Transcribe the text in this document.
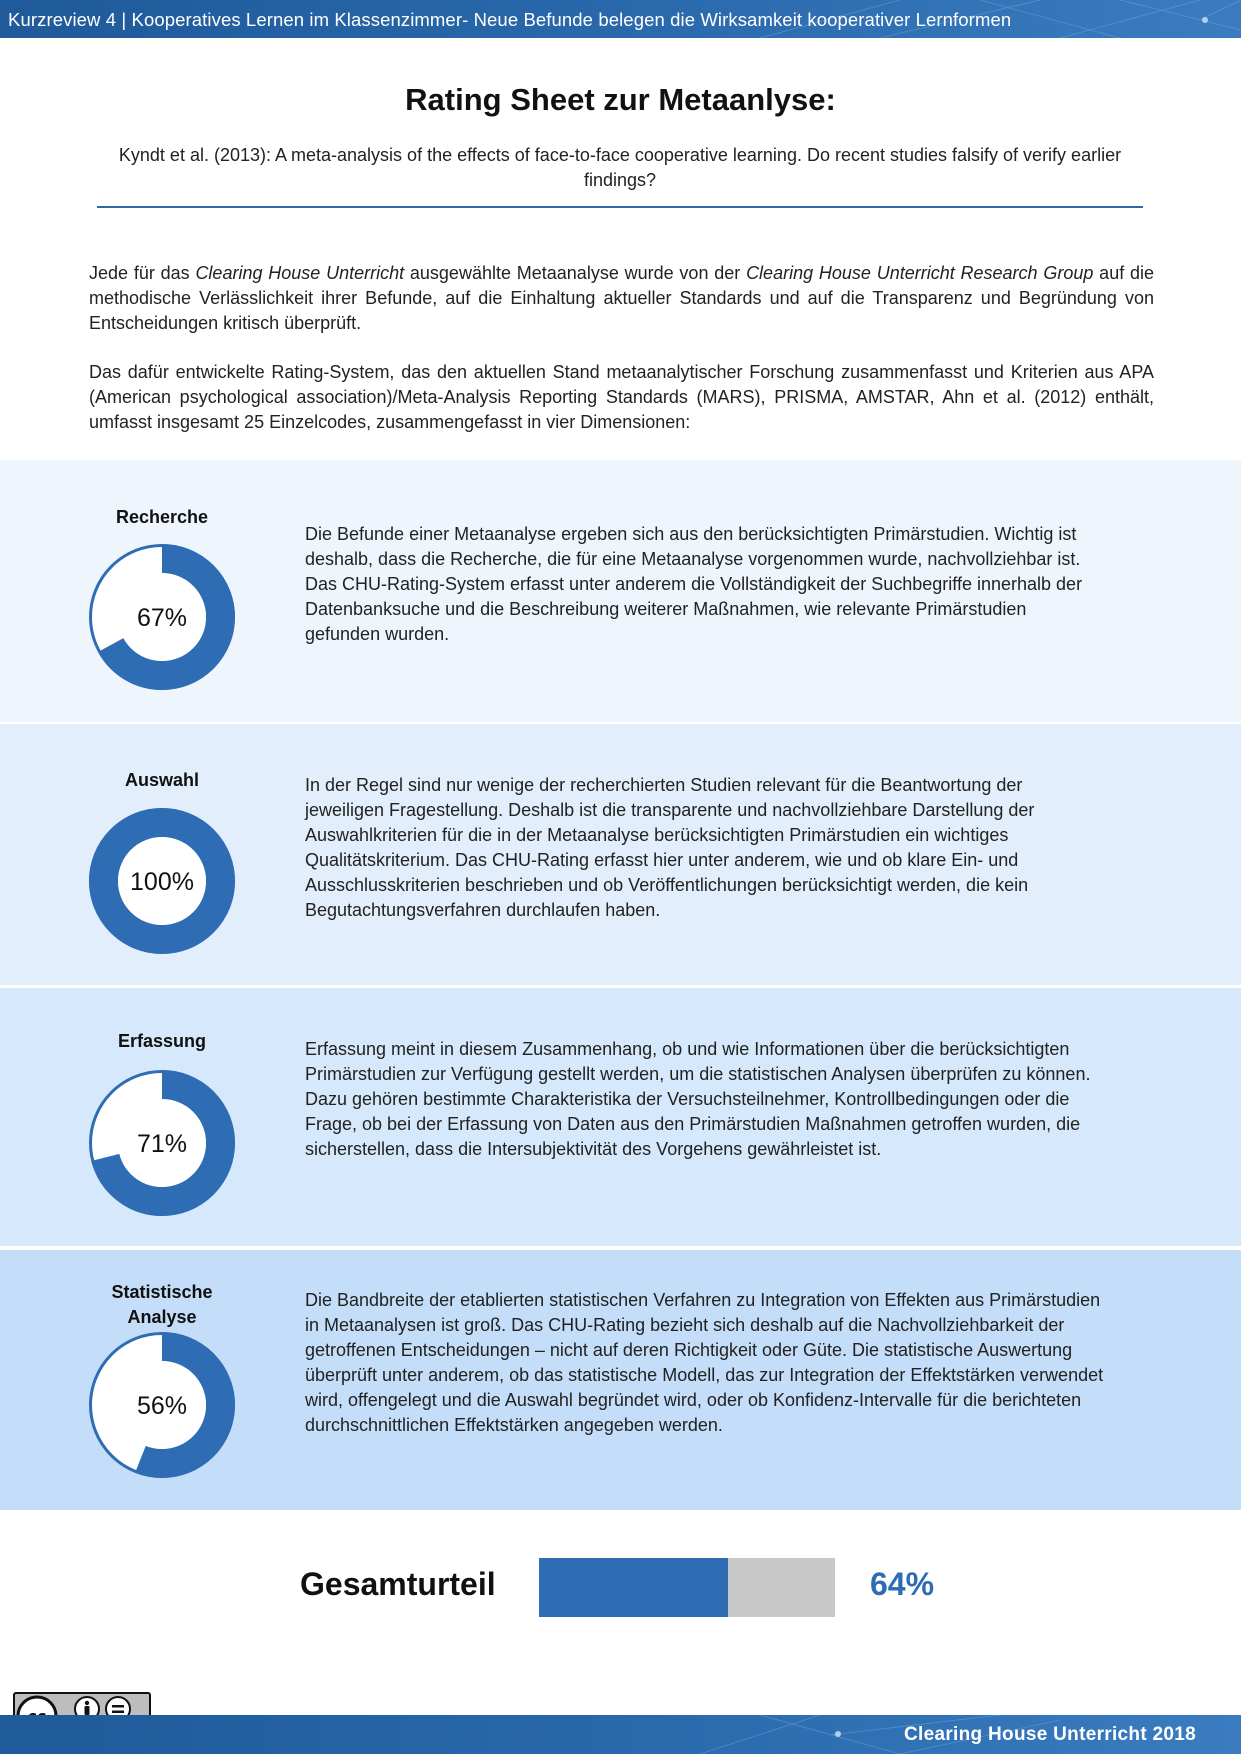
Kurzreview 4 | Kooperatives Lernen im Klassenzimmer- Neue Befunde belegen die Wirksamkeit kooperativer Lernformen
Rating Sheet zur Metaanlyse:
Kyndt et al. (2013): A meta-analysis of the effects of face-to-face cooperative learning. Do recent studies falsify of verify earlier findings?

Jede für das Clearing House Unterricht ausgewählte Metaanalyse wurde von der Clearing House Unterricht Research Group auf die methodische Verlässlichkeit ihrer Befunde, auf die Einhaltung aktueller Standards und auf die Transparenz und Begründung von Entscheidungen kritisch überprüft.

Das dafür entwickelte Rating-System, das den aktuellen Stand metaanalytischer Forschung zusammenfasst und Kriterien aus APA (American psychological association)/Meta-Analysis Reporting Standards (MARS), PRISMA, AMSTAR, Ahn et al. (2012) enthält, umfasst insgesamt 25 Einzelcodes, zusammengefasst in vier Dimensionen:

Recherche
67%
Die Befunde einer Metaanalyse ergeben sich aus den berücksichtigten Primärstudien. Wichtig ist deshalb, dass die Recherche, die für eine Metaanalyse vorgenommen wurde, nachvollziehbar ist. Das CHU-Rating-System erfasst unter anderem die Vollständigkeit der Suchbegriffe innerhalb der Datenbanksuche und die Beschreibung weiterer Maßnahmen, wie relevante Primärstudien gefunden wurden.
Auswahl
100%
In der Regel sind nur wenige der recherchierten Studien relevant für die Beantwortung der jeweiligen Fragestellung. Deshalb ist die transparente und nachvollziehbare Darstellung der Auswahlkriterien für die in der Metaanalyse berücksichtigten Primärstudien ein wichtiges Qualitätskriterium. Das CHU-Rating erfasst hier unter anderem, wie und ob klare Ein- und Ausschlusskriterien beschrieben und ob Veröffentlichungen berücksichtigt werden, die kein Begutachtungsverfahren durchlaufen haben.
Erfassung
71%
Erfassung meint in diesem Zusammenhang, ob und wie Informationen über die berücksichtigten Primärstudien zur Verfügung gestellt werden, um die statistischen Analysen überprüfen zu können. Dazu gehören bestimmte Charakteristika der Versuchsteilnehmer, Kontrollbedingungen oder die Frage, ob bei der Erfassung von Daten aus den Primärstudien Maßnahmen getroffen wurden, die sicherstellen, dass die Intersubjektivität des Vorgehens gewährleistet ist.
Statistische Analyse
56%
Die Bandbreite der etablierten statistischen Verfahren zu Integration von Effekten aus Primärstudien in Metaanalysen ist groß. Das CHU-Rating bezieht sich deshalb auf die Nachvollziehbarkeit der getroffenen Entscheidungen – nicht auf deren Richtigkeit oder Güte. Die statistische Auswertung überprüft unter anderem, ob das statistische Modell, das zur Integration der Effektstärken verwendet wird, offengelegt und die Auswahl begründet wird, oder ob Konfidenz-Intervalle für die berichteten durchschnittlichen Effektstärken angegeben werden.
Gesamturteil	64%
Clearing House Unterricht 2018
